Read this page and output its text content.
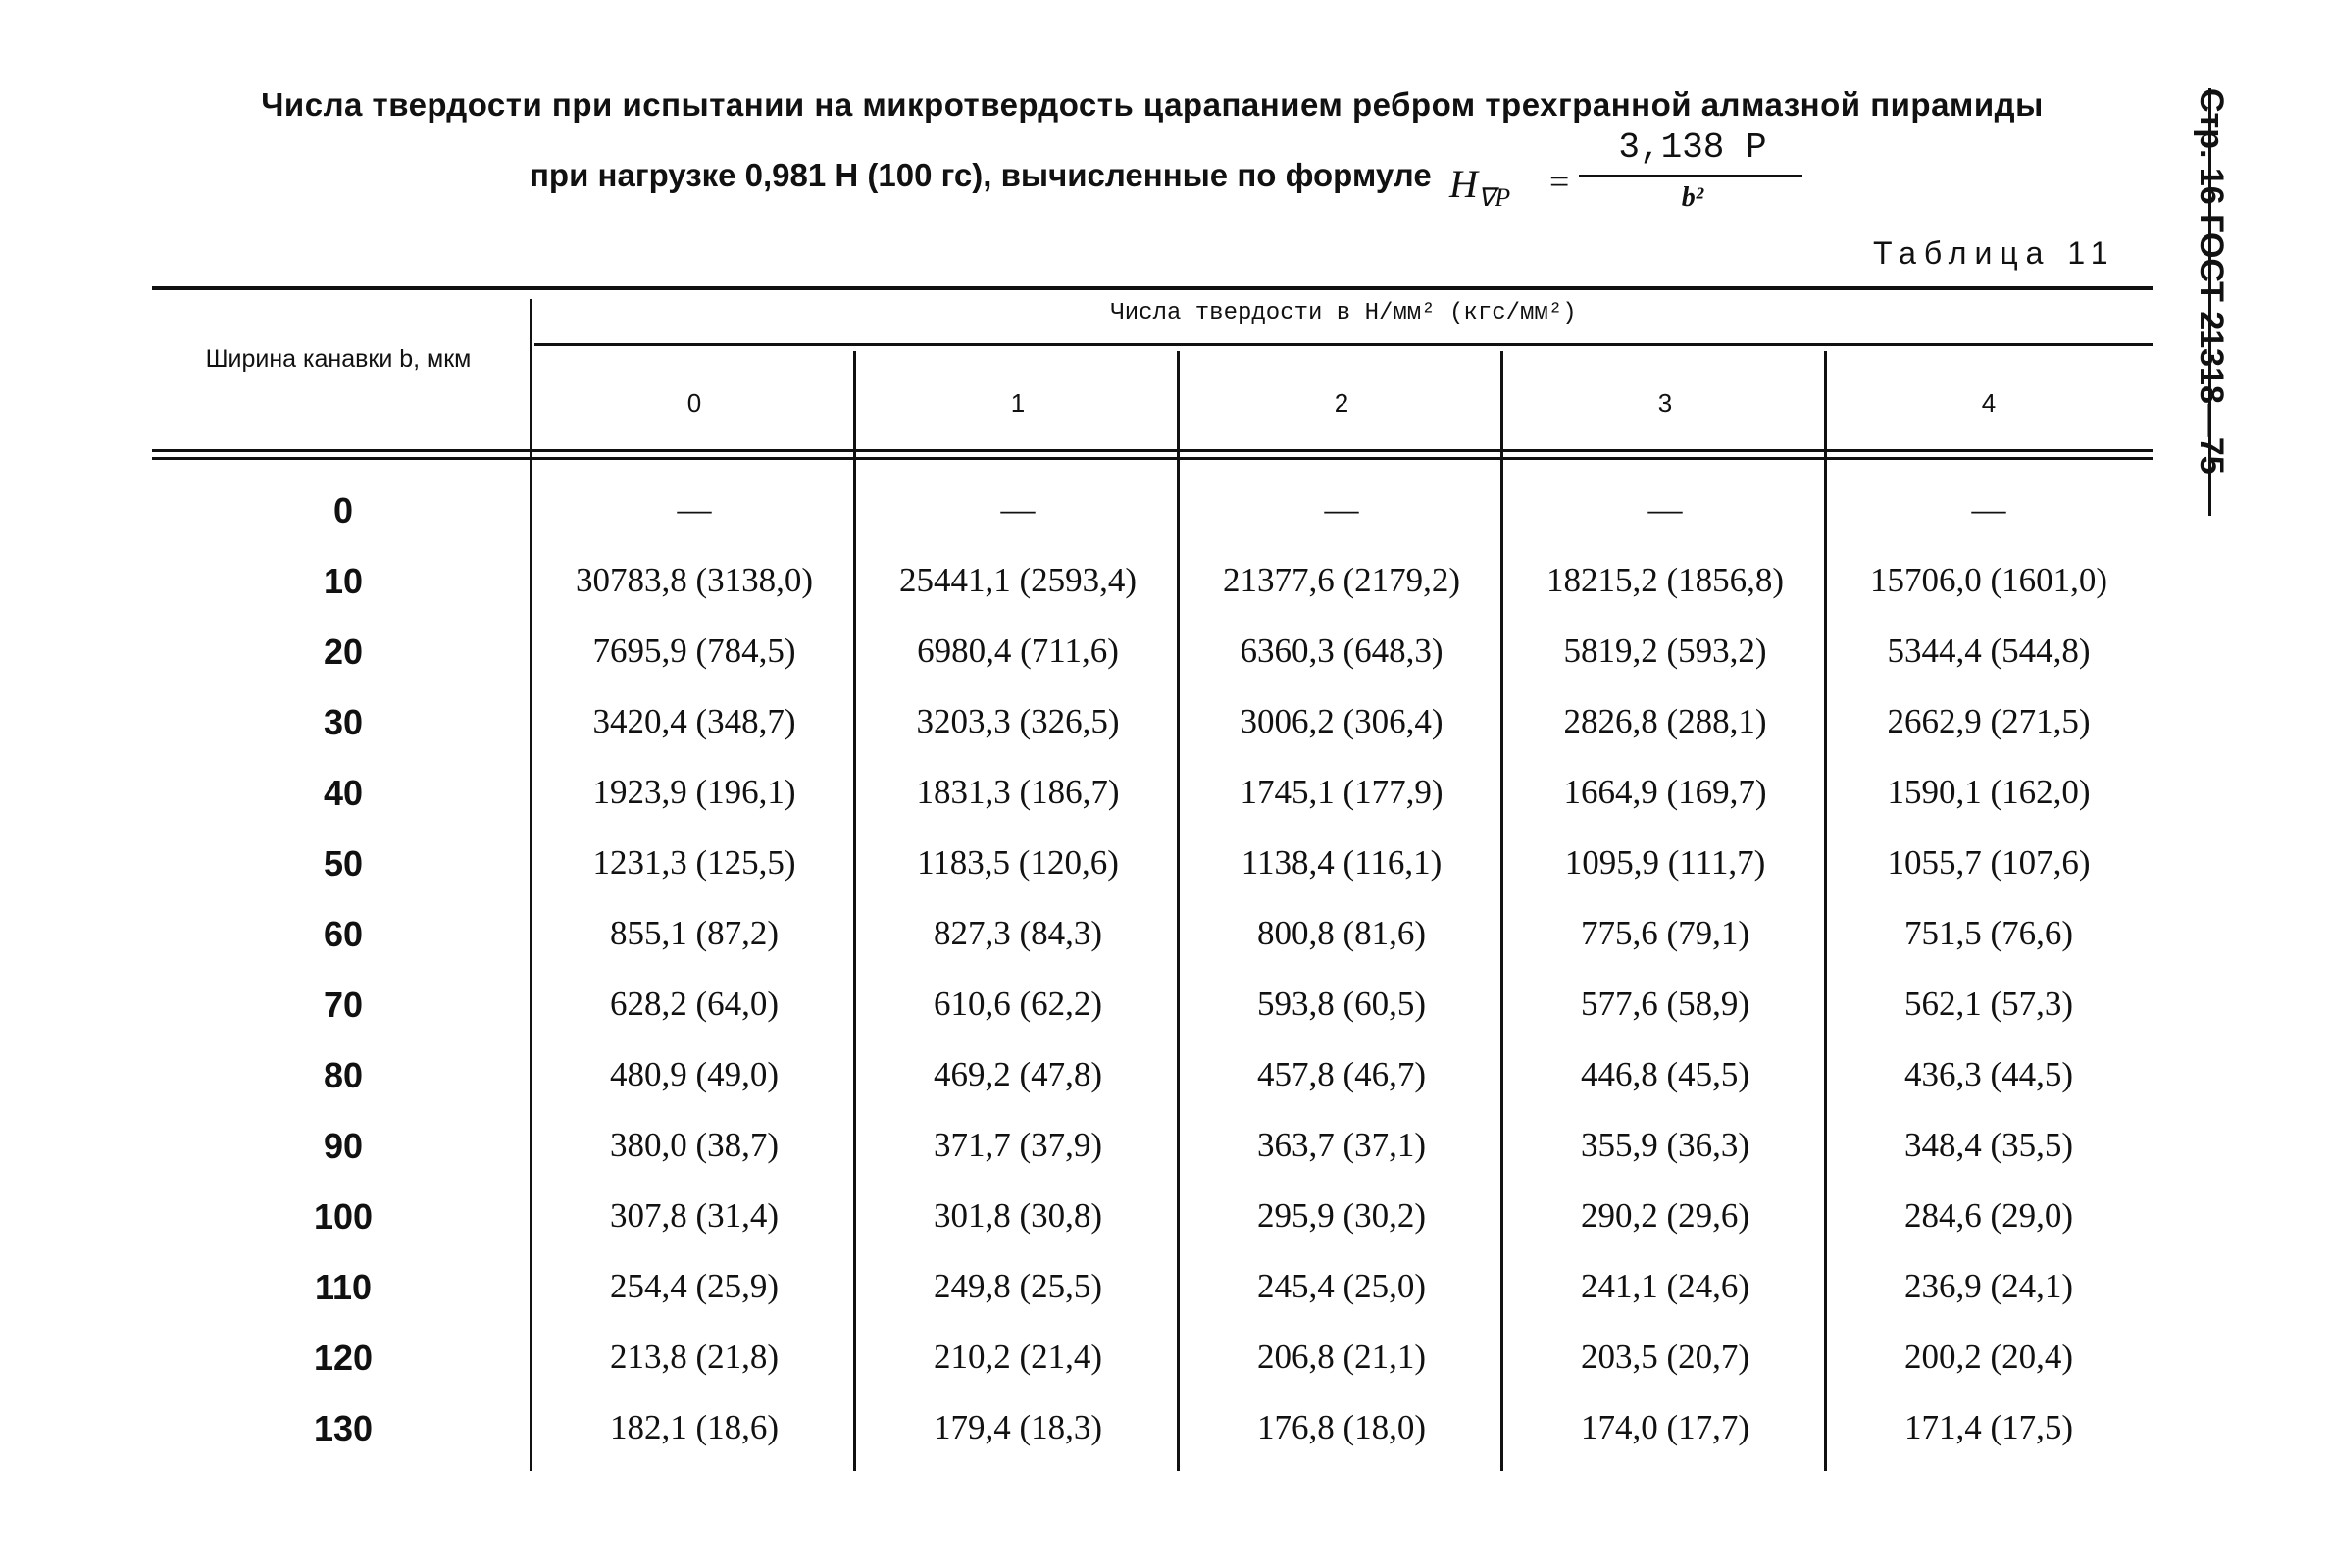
Числа твердости при испытании на микротвердость царапанием ребром трехгранной алмазной пирамиды
при нагрузке 0,981 Н (100 гс), вычисленные по формуле $H_{\nabla P}$ =
3,138 P
b²
Таблица 11 Стр. 16 ГОСТ 21318—75
Ширина канавки b, мкм
Числа твердости в Н/мм² (кгс/мм²)
0	1	2	3	4
0	—	—	—	—	—
10	30783,8 (3138,0)	25441,1 (2593,4)	21377,6 (2179,2)	18215,2 (1856,8)	15706,0 (1601,0)
20	7695,9 (784,5)	6980,4 (711,6)	6360,3 (648,3)	5819,2 (593,2)	5344,4 (544,8)
30	3420,4 (348,7)	3203,3 (326,5)	3006,2 (306,4)	2826,8 (288,1)	2662,9 (271,5)
40	1923,9 (196,1)	1831,3 (186,7)	1745,1 (177,9)	1664,9 (169,7)	1590,1 (162,0)
50	1231,3 (125,5)	1183,5 (120,6)	1138,4 (116,1)	1095,9 (111,7)	1055,7 (107,6)
60	855,1 (87,2)	827,3 (84,3)	800,8 (81,6)	775,6 (79,1)	751,5 (76,6)
70	628,2 (64,0)	610,6 (62,2)	593,8 (60,5)	577,6 (58,9)	562,1 (57,3)
80	480,9 (49,0)	469,2 (47,8)	457,8 (46,7)	446,8 (45,5)	436,3 (44,5)
90	380,0 (38,7)	371,7 (37,9)	363,7 (37,1)	355,9 (36,3)	348,4 (35,5)
100	307,8 (31,4)	301,8 (30,8)	295,9 (30,2)	290,2 (29,6)	284,6 (29,0)
110	254,4 (25,9)	249,8 (25,5)	245,4 (25,0)	241,1 (24,6)	236,9 (24,1)
120	213,8 (21,8)	210,2 (21,4)	206,8 (21,1)	203,5 (20,7)	200,2 (20,4)
130	182,1 (18,6)	179,4 (18,3)	176,8 (18,0)	174,0 (17,7)	171,4 (17,5)
